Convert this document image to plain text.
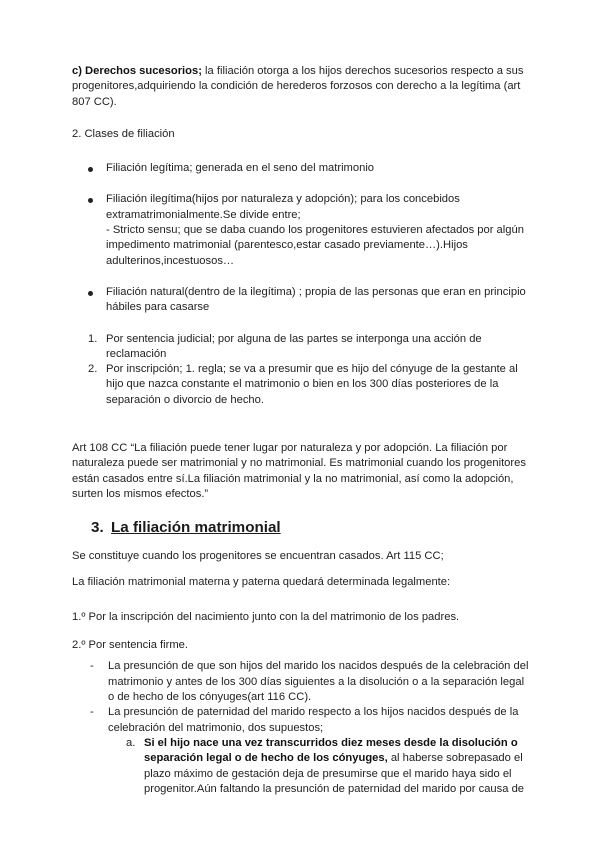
c) Derechos sucesorios; la filiación otorga a los hijos derechos sucesorios respecto a sus progenitores,adquiriendo la condición de herederos forzosos con derecho a la legítima (art 807 CC).

2. Clases de filiación

Filiación legítima; generada en el seno del matrimonio
Filiación ilegítima(hijos por naturaleza y adopción); para los concebidos extramatrimonialmente.Se divide entre;
- Stricto sensu; que se daba cuando los progenitores estuvieren afectados por algún impedimento matrimonial (parentesco,estar casado previamente…).Hijos adulterinos,incestuosos…
Filiación natural(dentro de la ilegítima) ; propia de las personas que eran en principio hábiles para casarse
1. Por sentencia judicial; por alguna de las partes se interponga una acción de reclamación
2. Por inscripción; 1. regla; se va a presumir que es hijo del cónyuge de la gestante al hijo que nazca constante el matrimonio o bien en los 300 días posteriores de la separación o divorcio de hecho.

Art 108 CC “La filiación puede tener lugar por naturaleza y por adopción. La filiación por naturaleza puede ser matrimonial y no matrimonial. Es matrimonial cuando los progenitores están casados entre sí.La filiación matrimonial y la no matrimonial, así como la adopción, surten los mismos efectos.”

3. La filiación matrimonial

Se constituye cuando los progenitores se encuentran casados. Art 115 CC;

La filiación matrimonial materna y paterna quedará determinada legalmente:

1.º Por la inscripción del nacimiento junto con la del matrimonio de los padres.

2.º Por sentencia firme.

- La presunción de que son hijos del marido los nacidos después de la celebración del matrimonio y antes de los 300 días siguientes a la disolución o a la separación legal o de hecho de los cónyuges(art 116 CC).
- La presunción de paternidad del marido respecto a los hijos nacidos después de la celebración del matrimonio, dos supuestos;
a. Si el hijo nace una vez transcurridos diez meses desde la disolución o separación legal o de hecho de los cónyuges, al haberse sobrepasado el plazo máximo de gestación deja de presumirse que el marido haya sido el progenitor.Aún faltando la presunción de paternidad del marido por causa de
